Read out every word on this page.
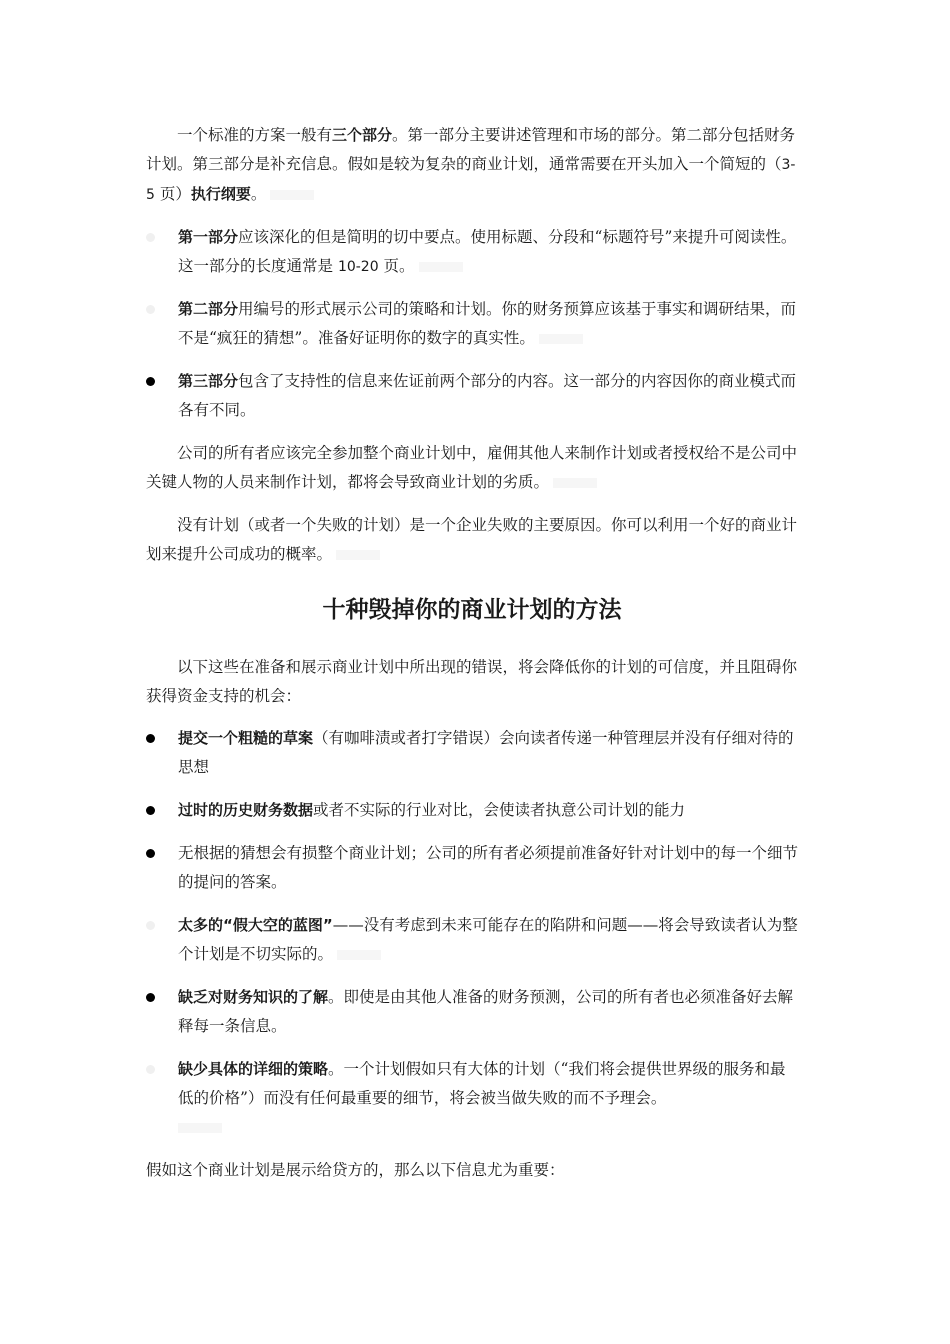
一个标准的方案一般有三个部分。第一部分主要讲述管理和市场的部分。第二部分包括财务计划。第三部分是补充信息。假如是较为复杂的商业计划，通常需要在开头加入一个简短的（3-5 页）执行纲要。

第一部分应该深化的但是简明的切中要点。使用标题、分段和“标题符号”来提升可阅读性。这一部分的长度通常是 10-20 页。
第二部分用编号的形式展示公司的策略和计划。你的财务预算应该基于事实和调研结果，而不是“疯狂的猜想”。准备好证明你的数字的真实性。
第三部分包含了支持性的信息来佐证前两个部分的内容。这一部分的内容因你的商业模式而各有不同。

公司的所有者应该完全参加整个商业计划中，雇佣其他人来制作计划或者授权给不是公司中关键人物的人员来制作计划，都将会导致商业计划的劣质。

没有计划（或者一个失败的计划）是一个企业失败的主要原因。你可以利用一个好的商业计划来提升公司成功的概率。

十种毁掉你的商业计划的方法

以下这些在准备和展示商业计划中所出现的错误，将会降低你的计划的可信度，并且阻碍你获得资金支持的机会：

提交一个粗糙的草案（有咖啡渍或者打字错误）会向读者传递一种管理层并没有仔细对待的思想
过时的历史财务数据或者不实际的行业对比，会使读者执意公司计划的能力
无根据的猜想会有损整个商业计划；公司的所有者必须提前准备好针对计划中的每一个细节的提问的答案。
太多的“假大空的蓝图”——没有考虑到未来可能存在的陷阱和问题——将会导致读者认为整个计划是不切实际的。
缺乏对财务知识的了解。即使是由其他人准备的财务预测，公司的所有者也必须准备好去解释每一条信息。
缺少具体的详细的策略。一个计划假如只有大体的计划（“我们将会提供世界级的服务和最低的价格”）而没有任何最重要的细节，将会被当做失败的而不予理会。

假如这个商业计划是展示给贷方的，那么以下信息尤为重要：
